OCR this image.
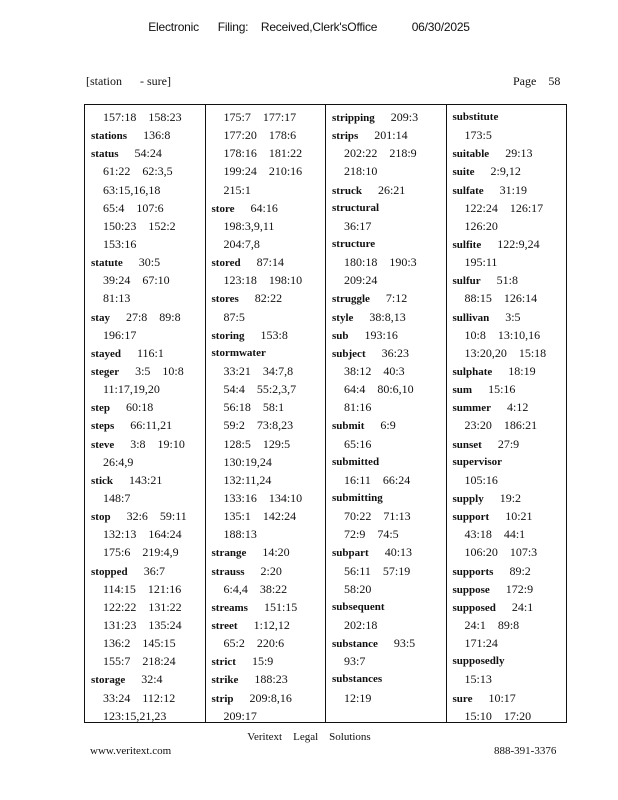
Electronic      Filing:    Received,Clerk'sOffice           06/30/2025
[station      - sure]	Page    58
157:18    158:23
stations 136:8
status 54:24
61:22    62:3,5
63:15,16,18
65:4    107:6
150:23    152:2
153:16
statute 30:5
39:24    67:10
81:13
stay 27:8    89:8
196:17
stayed 116:1
steger 3:5    10:8
11:17,19,20
step 60:18
steps 66:11,21
steve 3:8    19:10
26:4,9
stick 143:21
148:7
stop 32:6    59:11
132:13    164:24
175:6    219:4,9
stopped 36:7
114:15    121:16
122:22    131:22
131:23    135:24
136:2    145:15
155:7    218:24
storage 32:4
33:24    112:12
123:15,21,23
175:7    177:17
177:20    178:6
178:16    181:22
199:24    210:16
215:1
store 64:16
198:3,9,11
204:7,8
stored 87:14
123:18    198:10
stores 82:22
87:5
storing 153:8
stormwater
33:21    34:7,8
54:4    55:2,3,7
56:18    58:1
59:2    73:8,23
128:5    129:5
130:19,24
132:11,24
133:16    134:10
135:1    142:24
188:13
strange 14:20
strauss 2:20
6:4,4    38:22
streams 151:15
street 1:12,12
65:2    220:6
strict 15:9
strike 188:23
strip 209:8,16
209:17
stripping 209:3
strips 201:14
202:22    218:9
218:10
struck 26:21
structural
36:17
structure
180:18    190:3
209:24
struggle 7:12
style 38:8,13
sub 193:16
subject 36:23
38:12    40:3
64:4    80:6,10
81:16
submit 6:9
65:16
submitted
16:11    66:24
submitting
70:22    71:13
72:9    74:5
subpart 40:13
56:11    57:19
58:20
subsequent
202:18
substance 93:5
93:7
substances
12:19
substitute
173:5
suitable 29:13
suite 2:9,12
sulfate 31:19
122:24    126:17
126:20
sulfite 122:9,24
195:11
sulfur 51:8
88:15    126:14
sullivan 3:5
10:8    13:10,16
13:20,20    15:18
sulphate 18:19
sum 15:16
summer 4:12
23:20    186:21
sunset 27:9
supervisor
105:16
supply 19:2
support 10:21
43:18    44:1
106:20    107:3
supports 89:2
suppose 172:9
supposed 24:1
24:1    89:8
171:24
supposedly
15:13
sure 10:17
15:10    17:20
Veritext    Legal    Solutions
www.veritext.com	888-391-3376
